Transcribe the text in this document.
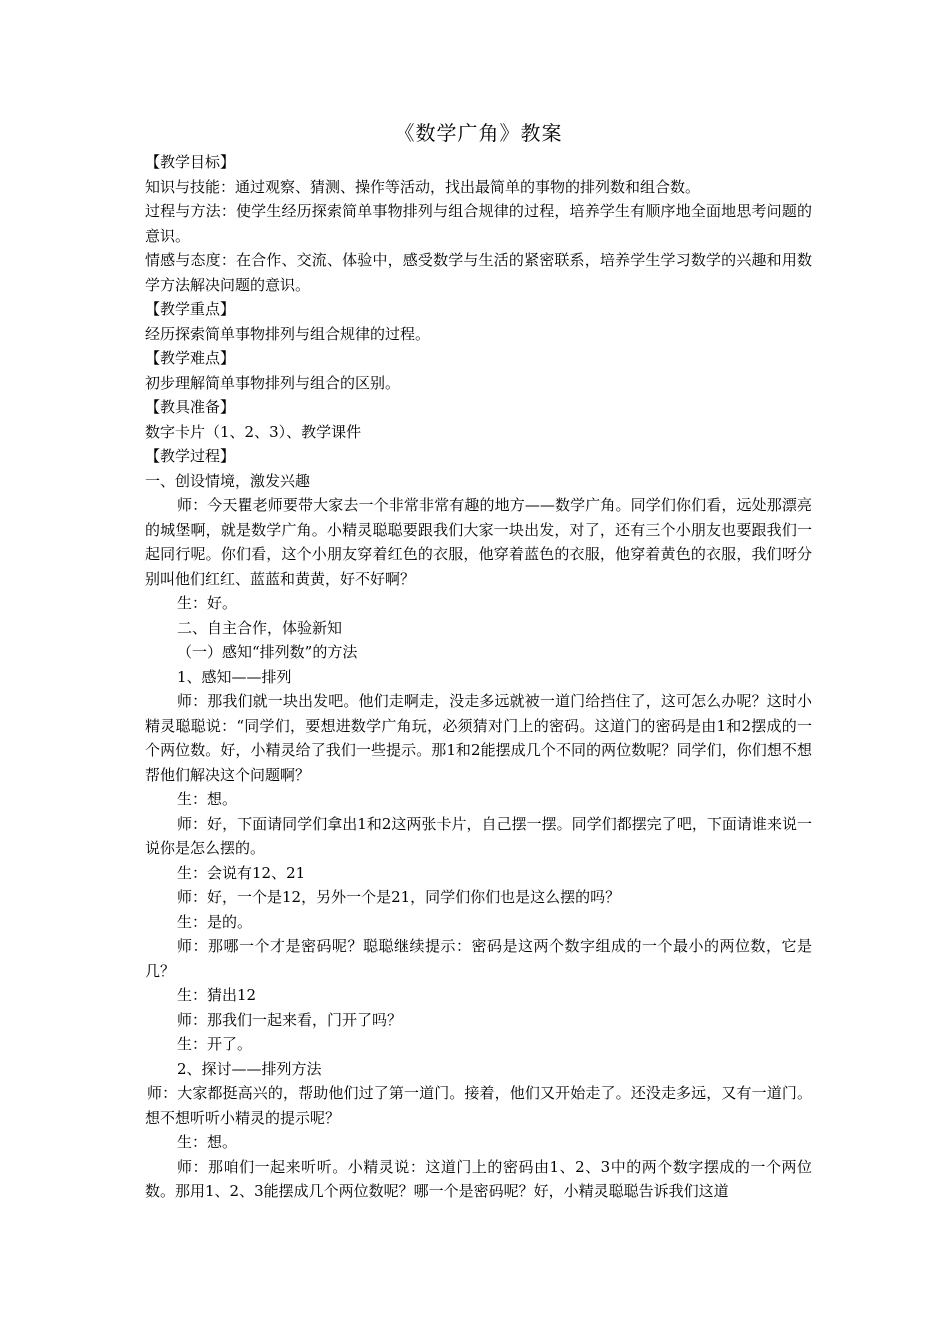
《数学广角》教案

【教学目标】

知识与技能：通过观察、猜测、操作等活动，找出最简单的事物的排列数和组合数。

过程与方法：使学生经历探索简单事物排列与组合规律的过程，培养学生有顺序地全面地思考问题的意识。

情感与态度：在合作、交流、体验中，感受数学与生活的紧密联系，培养学生学习数学的兴趣和用数学方法解决问题的意识。

【教学重点】

经历探索简单事物排列与组合规律的过程。

【教学难点】

初步理解简单事物排列与组合的区别。

【教具准备】

数字卡片（1、2、3）、教学课件

【教学过程】

一、创设情境，激发兴趣

师：今天瞿老师要带大家去一个非常非常有趣的地方——数学广角。同学们你们看，远处那漂亮的城堡啊，就是数学广角。小精灵聪聪要跟我们大家一块出发，对了，还有三个小朋友也要跟我们一起同行呢。你们看，这个小朋友穿着红色的衣服，他穿着蓝色的衣服，他穿着黄色的衣服，我们呀分别叫他们红红、蓝蓝和黄黄，好不好啊？

生：好。

二、自主合作，体验新知

（一）感知“排列数”的方法

1、感知——排列

师：那我们就一块出发吧。他们走啊走，没走多远就被一道门给挡住了，这可怎么办呢？这时小精灵聪聪说：“同学们，要想进数学广角玩，必须猜对门上的密码。这道门的密码是由1和2摆成的一个两位数。好，小精灵给了我们一些提示。那1和2能摆成几个不同的两位数呢？同学们，你们想不想帮他们解决这个问题啊？

生：想。

师：好，下面请同学们拿出1和2这两张卡片，自己摆一摆。同学们都摆完了吧，下面请谁来说一说你是怎么摆的。

生：会说有12、21

师：好，一个是12，另外一个是21，同学们你们也是这么摆的吗？

生：是的。

师：那哪一个才是密码呢？聪聪继续提示：密码是这两个数字组成的一个最小的两位数，它是几？

生：猜出12

师：那我们一起来看，门开了吗？

生：开了。

2、探讨——排列方法

师：大家都挺高兴的，帮助他们过了第一道门。接着，他们又开始走了。还没走多远，又有一道门。想不想听听小精灵的提示呢？

生：想。

师：那咱们一起来听听。小精灵说：这道门上的密码由1、2、3中的两个数字摆成的一个两位数。那用1、2、3能摆成几个两位数呢？哪一个是密码呢？好，小精灵聪聪告诉我们这道
